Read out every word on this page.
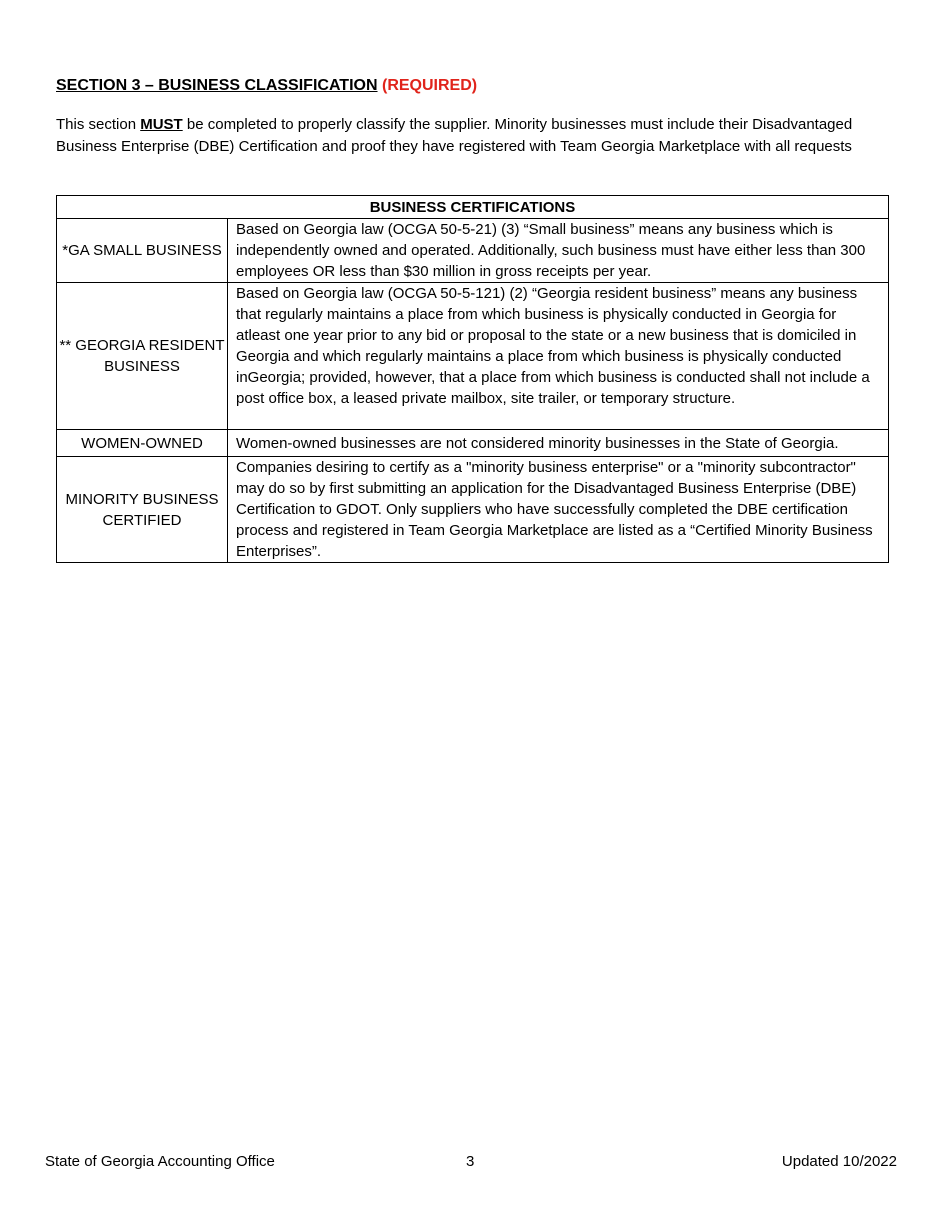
SECTION 3 – BUSINESS CLASSIFICATION (REQUIRED)
This section MUST be completed to properly classify the supplier. Minority businesses must include their Disadvantaged Business Enterprise (DBE) Certification and proof they have registered with Team Georgia Marketplace with all requests
BUSINESS CERTIFICATIONS	
*GA SMALL BUSINESS	Based on Georgia law (OCGA 50-5-21) (3) “Small business” means any business which is independently owned and operated. Additionally, such business must have either less than 300 employees OR less than $30 million in gross receipts per year.
** GEORGIA RESIDENT BUSINESS	Based on Georgia law (OCGA 50-5-121) (2) “Georgia resident business” means any business that regularly maintains a place from which business is physically conducted in Georgia for atleast one year prior to any bid or proposal to the state or a new business that is domiciled in Georgia and which regularly maintains a place from which business is physically conducted inGeorgia; provided, however, that a place from which business is conducted shall not include a post office box, a leased private mailbox, site trailer, or temporary structure.
WOMEN-OWNED	Women-owned businesses are not considered minority businesses in the State of Georgia.
MINORITY BUSINESS CERTIFIED	Companies desiring to certify as a "minority business enterprise" or a "minority subcontractor" may do so by first submitting an application for the Disadvantaged Business Enterprise (DBE) Certification to GDOT. Only suppliers who have successfully completed the DBE certification process and registered in Team Georgia Marketplace are listed as a “Certified Minority Business Enterprises”.
State of Georgia Accounting Office	3	Updated 10/2022
